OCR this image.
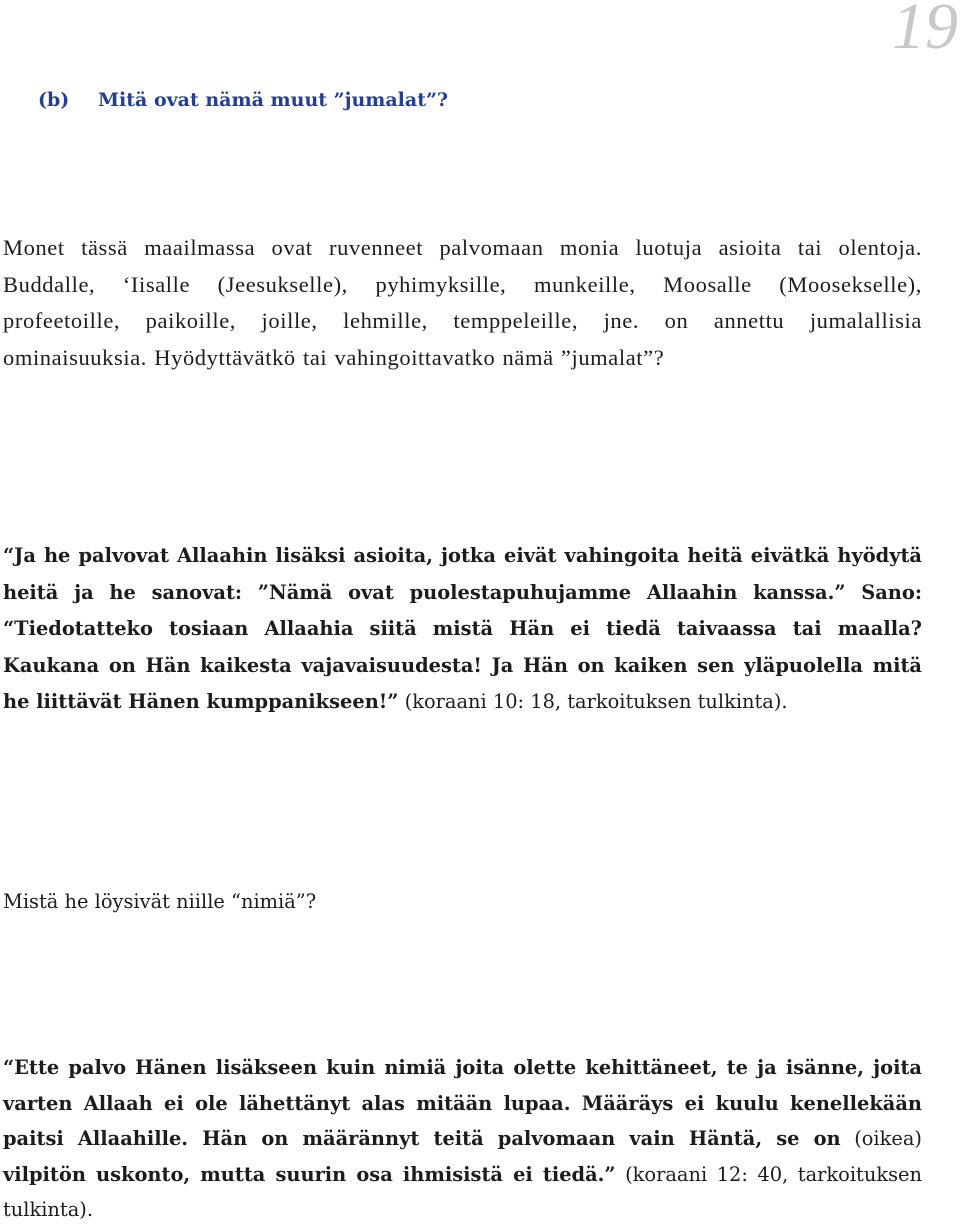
19
(b) Mitä ovat nämä muut ”jumalat”?

Monet tässä maailmassa ovat ruvenneet palvomaan monia luotuja asioita tai olentoja. Buddalle, ‘Iisalle (Jeesukselle), pyhimyksille, munkeille, Moosalle (Moosekselle), profeetoille, paikoille, joille, lehmille, temppeleille, jne. on annettu jumalallisia ominaisuuksia. Hyödyttävätkö tai vahingoittavatko nämä ”jumalat”?

“Ja he palvovat Allaahin lisäksi asioita, jotka eivät vahingoita heitä eivätkä hyödytä heitä ja he sanovat: ”Nämä ovat puolestapuhujamme Allaahin kanssa.” Sano: “Tiedotatteko tosiaan Allaahia siitä mistä Hän ei tiedä taivaassa tai maalla? Kaukana on Hän kaikesta vajavaisuudesta! Ja Hän on kaiken sen yläpuolella mitä he liittävät Hänen kumppanikseen!” (koraani 10: 18, tarkoituksen tulkinta).

Mistä he löysivät niille “nimiä”?

“Ette palvo Hänen lisäkseen kuin nimiä joita olette kehittäneet, te ja isänne, joita varten Allaah ei ole lähettänyt alas mitään lupaa. Määräys ei kuulu kenellekään paitsi Allaahille. Hän on määrännyt teitä palvomaan vain Häntä, se on (oikea) vilpitön uskonto, mutta suurin osa ihmisistä ei tiedä.” (koraani 12: 40, tarkoituksen tulkinta).
